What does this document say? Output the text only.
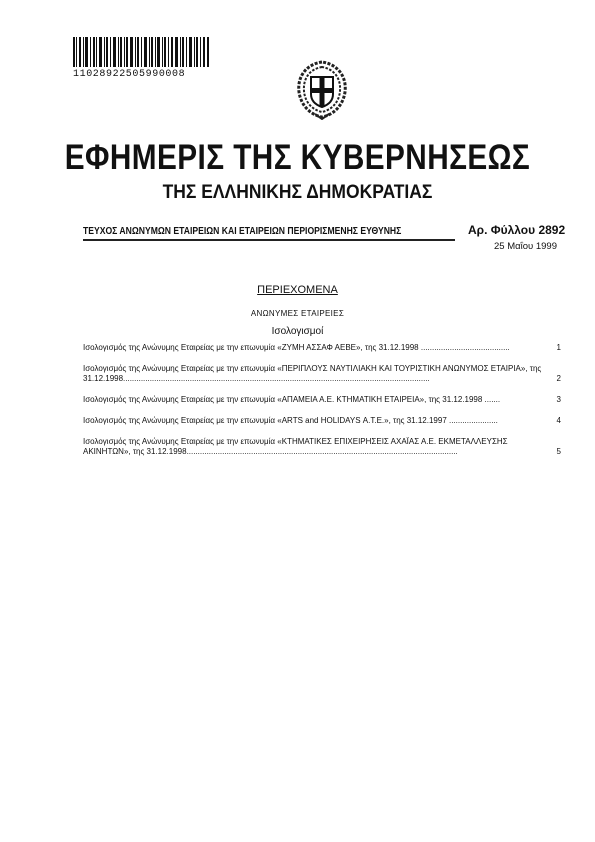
11028922505990008
ΕΦΗΜΕΡΙΣ ΤΗΣ ΚΥΒΕΡΝΗΣΕΩΣ
ΤΗΣ ΕΛΛΗΝΙΚΗΣ ΔΗΜΟΚΡΑΤΙΑΣ
ΤΕΥΧΟΣ ΑΝΩΝΥΜΩΝ ΕΤΑΙΡΕΙΩΝ ΚΑΙ ΕΤΑΙΡΕΙΩΝ ΠΕΡΙΟΡΙΣΜΕΝΗΣ ΕΥΘΥΝΗΣ	Αρ. Φύλλου 2892
25 Μαΐου 1999
ΠΕΡΙΕΧΟΜΕΝΑ
ΑΝΩΝΥΜΕΣ ΕΤΑΙΡΕΙΕΣ
Ισολογισμοί
Ισολογισμός της Ανώνυμης Εταιρείας με την επωνυμία «ΖΥΜΗ ΑΣΣΑΦ ΑΕΒΕ», της 31.12.1998 ........................................	1
Ισολογισμός της Ανώνυμης Εταιρείας με την επωνυμία «ΠΕΡΙΠΛΟΥΣ ΝΑΥΤΙΛΙΑΚΗ ΚΑΙ ΤΟΥΡΙΣΤΙΚΗ ΑΝΩΝΥΜΟΣ ΕΤΑΙΡΙΑ», της 31.12.1998..........................................................................................................................................	2
Ισολογισμός της Ανώνυμης Εταιρείας με την επωνυμία «ΑΠΑΜΕΙΑ Α.Ε. ΚΤΗΜΑΤΙΚΗ ΕΤΑΙΡΕΙΑ», της 31.12.1998 .......	3
Ισολογισμός της Ανώνυμης Εταιρείας με την επωνυμία «ARTS and HOLIDAYS Α.Τ.Ε.», της 31.12.1997 ......................	4
Ισολογισμός της Ανώνυμης Εταιρείας με την επωνυμία «ΚΤΗΜΑΤΙΚΕΣ ΕΠΙΧΕΙΡΗΣΕΙΣ ΑΧΑΪΑΣ Α.Ε. ΕΚΜΕΤΑΛΛΕΥΣΗΣ ΑΚΙΝΗΤΩΝ», της 31.12.1998..........................................................................................................................	5
